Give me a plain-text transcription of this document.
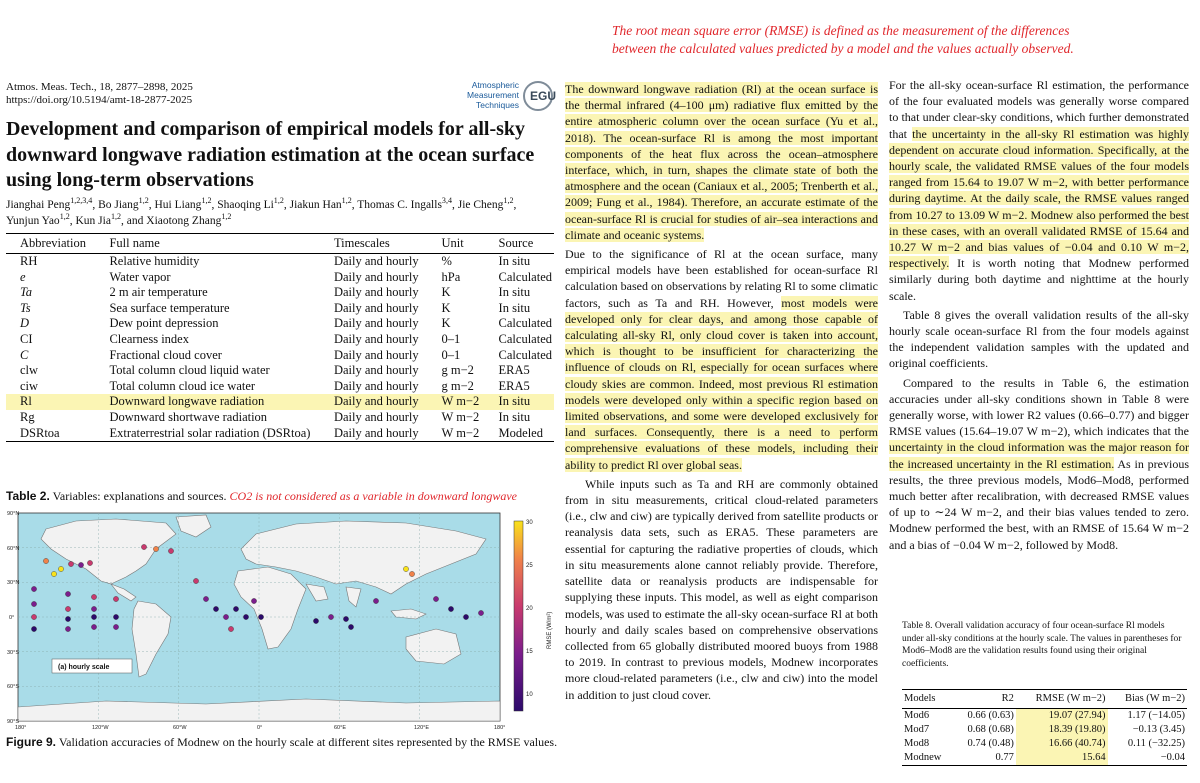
The root mean square error (RMSE) is defined as the measurement of the differences
between the calculated values predicted by a model and the values actually observed.
Atmos. Meas. Tech., 18, 2877–2898, 2025
https://doi.org/10.5194/amt-18-2877-2025
Atmospheric
Measurement
Techniques
EGU
Development and comparison of empirical models for all-sky downward longwave radiation estimation at the ocean surface using long-term observations
Jianghai Peng$^{1,2,3,4}$, Bo Jiang$^{1,2}$, Hui Liang$^{1,2}$, Shaoqing Li$^{1,2}$, Jiakun Han$^{1,2}$, Thomas C. Ingalls$^{3,4}$, Jie Cheng$^{1,2}$, Yunjun Yao$^{1,2}$, Kun Jia$^{1,2}$, and Xiaotong Zhang$^{1,2}$
Abbreviation	Full name	Timescales	Unit	Source
RH	Relative humidity	Daily and hourly	%	In situ
e	Water vapor	Daily and hourly	hPa	Calculated
Ta	2 m air temperature	Daily and hourly	K	In situ
Ts	Sea surface temperature	Daily and hourly	K	In situ
D	Dew point depression	Daily and hourly	K	Calculated
CI	Clearness index	Daily and hourly	0–1	Calculated
C	Fractional cloud cover	Daily and hourly	0–1	Calculated
clw	Total column cloud liquid water	Daily and hourly	g m−2	ERA5
ciw	Total column cloud ice water	Daily and hourly	g m−2	ERA5
Rl	Downward longwave radiation	Daily and hourly	W m−2	In situ
Rg	Downward shortwave radiation	Daily and hourly	W m−2	In situ
DSRtoa	Extraterrestrial solar radiation (DSRtoa)	Daily and hourly	W m−2	Modeled
Table 2. Variables: explanations and sources. CO2 is not considered as a variable in downward longwave
90°N
60°N
30°N
0°
30°S
60°S
90°S
180°	120°W	60°W	0°	60°E	120°E	180°
(a) hourly scale
30
25
20
15
10
RMSE (W/m²)
Figure 9. Validation accuracies of Modnew on the hourly scale at different sites represented by the RMSE values.

The downward longwave radiation (Rl) at the ocean surface is the thermal infrared (4–100 μm) radiative flux emitted by the entire atmospheric column over the ocean surface (Yu et al., 2018). The ocean-surface Rl is among the most important components of the heat flux across the ocean–atmosphere interface, which, in turn, shapes the climate state of both the atmosphere and the ocean (Caniaux et al., 2005; Trenberth et al., 2009; Fung et al., 1984). Therefore, an accurate estimate of the ocean-surface Rl is crucial for studies of air–sea interactions and climate and oceanic systems.

Due to the significance of Rl at the ocean surface, many empirical models have been established for ocean-surface Rl calculation based on observations by relating Rl to some climatic factors, such as Ta and RH. However, most models were developed only for clear days, and among those capable of calculating all-sky Rl, only cloud cover is taken into account, which is thought to be insufficient for characterizing the influence of clouds on Rl, especially for ocean surfaces where cloudy skies are common. Indeed, most previous Rl estimation models were developed only within a specific region based on limited observations, and some were developed exclusively for land surfaces. Consequently, there is a need to perform comprehensive evaluations of these models, including their ability to predict Rl over global seas.

While inputs such as Ta and RH are commonly obtained from in situ measurements, critical cloud-related parameters (i.e., clw and ciw) are typically derived from satellite products or reanalysis data sets, such as ERA5. These parameters are essential for capturing the radiative properties of clouds, which in situ measurements alone cannot reliably provide. Therefore, satellite data or reanalysis products are indispensable for supplying these inputs. This model, as well as eight comparison models, was used to estimate the all-sky ocean-surface Rl at both hourly and daily scales based on comprehensive observations collected from 65 globally distributed moored buoys from 1988 to 2019. In contrast to previous models, Modnew incorporates more cloud-related parameters (i.e., clw and ciw) into the model in addition to just cloud cover.

For the all-sky ocean-surface Rl estimation, the performance of the four evaluated models was generally worse compared to that under clear-sky conditions, which further demonstrated that the uncertainty in the all-sky Rl estimation was highly dependent on accurate cloud information. Specifically, at the hourly scale, the validated RMSE values of the four models ranged from 15.64 to 19.07 W m−2, with better performance during daytime. At the daily scale, the RMSE values ranged from 10.27 to 13.09 W m−2. Modnew also performed the best in these cases, with an overall validated RMSE of 15.64 and 10.27 W m−2 and bias values of −0.04 and 0.10 W m−2, respectively. It is worth noting that Modnew performed similarly during both daytime and nighttime at the hourly scale.

Table 8 gives the overall validation results of the all-sky hourly scale ocean-surface Rl from the four models against the independent validation samples with the updated and original coefficients.

Compared to the results in Table 6, the estimation accuracies under all-sky conditions shown in Table 8 were generally worse, with lower R2 values (0.66–0.77) and bigger RMSE values (15.64–19.07 W m−2), which indicates that the uncertainty in the cloud information was the major reason for the increased uncertainty in the Rl estimation. As in previous results, the three previous models, Mod6–Mod8, performed much better after recalibration, with decreased RMSE values of up to ∼24 W m−2, and their bias values tended to zero. Modnew performed the best, with an RMSE of 15.64 W m−2 and a bias of −0.04 W m−2, followed by Mod8.

Table 8. Overall validation accuracy of four ocean-surface Rl models under all-sky conditions at the hourly scale. The values in parentheses for Mod6–Mod8 are the validation results found using their original coefficients.
Models	R2	RMSE (W m−2)	Bias (W m−2)
Mod6	0.66 (0.63)	19.07 (27.94)	1.17 (−14.05)
Mod7	0.68 (0.68)	18.39 (19.80)	−0.13 (3.45)
Mod8	0.74 (0.48)	16.66 (40.74)	0.11 (−32.25)
Modnew	0.77	15.64	−0.04
